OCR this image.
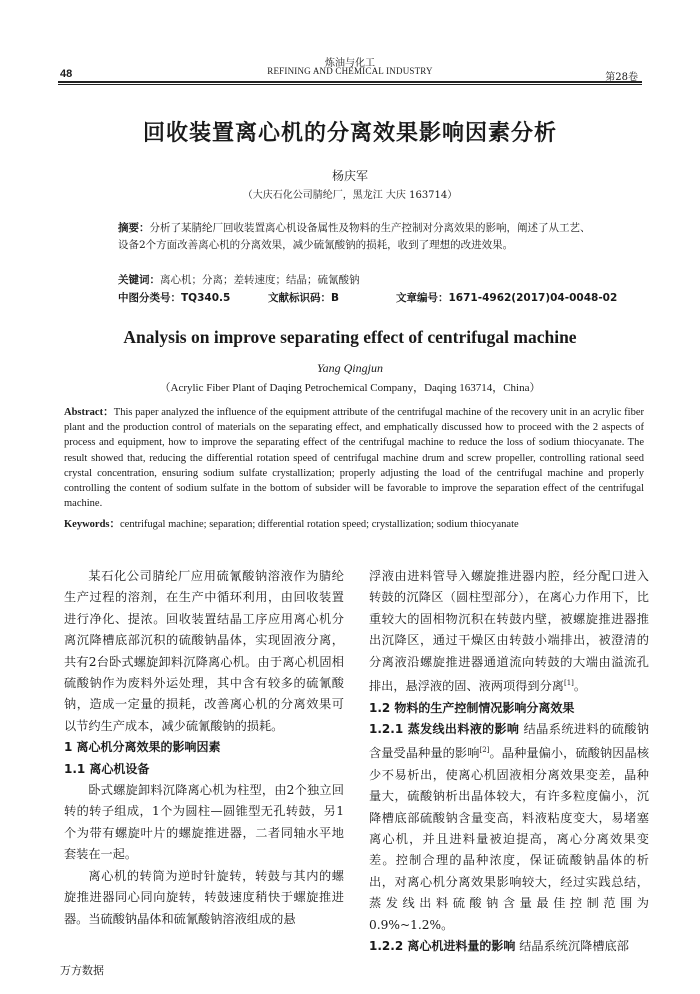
炼油与化工
REFINING AND CHEMICAL INDUSTRY
48	第28卷
回收装置离心机的分离效果影响因素分析
杨庆军
（大庆石化公司腈纶厂，黑龙江 大庆 163714）
摘要：分析了某腈纶厂回收装置离心机设备属性及物料的生产控制对分离效果的影响，阐述了从工艺、设备2个方面改善离心机的分离效果，减少硫氰酸钠的损耗，收到了理想的改进效果。
关键词：离心机；分离；差转速度；结晶；硫氰酸钠
中图分类号：TQ340.5	文献标识码：B	文章编号：1671-4962(2017)04-0048-02
Analysis on improve separating effect of centrifugal machine
Yang Qingjun
（Acrylic Fiber Plant of Daqing Petrochemical Company，Daqing 163714，China）
Abstract：This paper analyzed the influence of the equipment attribute of the centrifugal machine of the recovery unit in an acrylic fiber plant and the production control of materials on the separating effect, and emphatically discussed how to proceed with the 2 aspects of process and equipment, how to improve the separating effect of the centrifugal machine to reduce the loss of sodium thiocyanate. The result showed that, reducing the differential rotation speed of centrifugal machine drum and screw propeller, controlling rational seed crystal concentration, ensuring sodium sulfate crystallization; properly adjusting the load of the centrifugal machine and properly controlling the content of sodium sulfate in the bottom of subsider will be favorable to improve the separation effect of the centrifugal machine.
Keywords：centrifugal machine; separation; differential rotation speed; crystallization; sodium thiocyanate

某石化公司腈纶厂应用硫氰酸钠溶液作为腈纶生产过程的溶剂，在生产中循环利用，由回收装置进行净化、提浓。回收装置结晶工序应用离心机分离沉降槽底部沉积的硫酸钠晶体，实现固液分离，共有2台卧式螺旋卸料沉降离心机。由于离心机固相硫酸钠作为废料外运处理，其中含有较多的硫氰酸钠，造成一定量的损耗，改善离心机的分离效果可以节约生产成本，减少硫氰酸钠的损耗。

1 离心机分离效果的影响因素

1.1 离心机设备

卧式螺旋卸料沉降离心机为柱型，由2个独立回转的转子组成，1个为圆柱—圆锥型无孔转鼓，另1个为带有螺旋叶片的螺旋推进器，二者同轴水平地套装在一起。

离心机的转筒为逆时针旋转，转鼓与其内的螺旋推进器同心同向旋转，转鼓速度稍快于螺旋推进器。当硫酸钠晶体和硫氰酸钠溶液组成的悬

浮液由进料管导入螺旋推进器内腔，经分配口进入转鼓的沉降区（圆柱型部分），在离心力作用下，比重较大的固相物沉积在转鼓内壁，被螺旋推进器推出沉降区，通过干燥区由转鼓小端排出，被澄清的分离液沿螺旋推进器通道流向转鼓的大端由溢流孔排出，悬浮液的固、液两项得到分离[1]。

1.2 物料的生产控制情况影响分离效果

1.2.1 蒸发线出料液的影响 结晶系统进料的硫酸钠含量受晶种量的影响[2]。晶种量偏小，硫酸钠因晶核少不易析出，使离心机固液相分离效果变差，晶种量大，硫酸钠析出晶体较大，有许多粒度偏小，沉降槽底部硫酸钠含量变高，料液粘度变大，易堵塞离心机，并且进料量被迫提高，离心分离效果变差。控制合理的晶种浓度，保证硫酸钠晶体的析出，对离心机分离效果影响较大，经过实践总结，蒸发线出料硫酸钠含量最佳控制范围为0.9%~1.2%。

1.2.2 离心机进料量的影响 结晶系统沉降槽底部

万方数据
